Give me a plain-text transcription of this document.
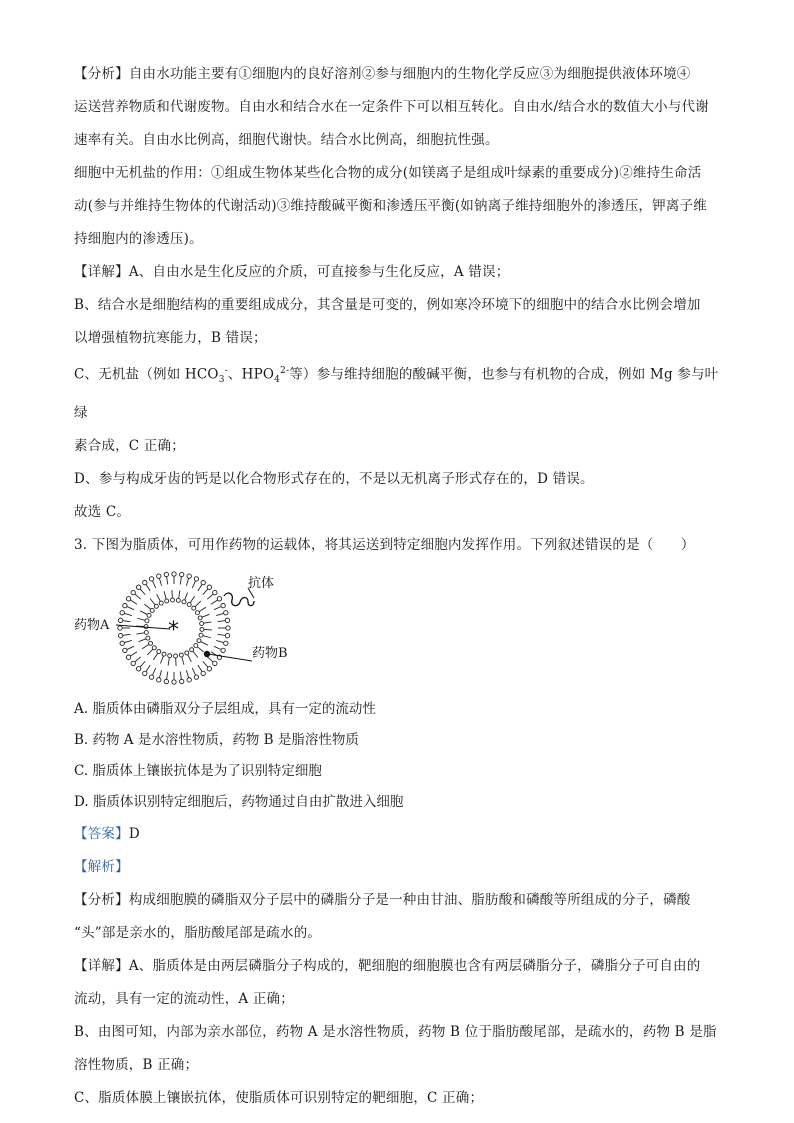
【分析】自由水功能主要有①细胞内的良好溶剂②参与细胞内的生物化学反应③为细胞提供液体环境④

运送营养物质和代谢废物。自由水和结合水在一定条件下可以相互转化。自由水/结合水的数值大小与代谢

速率有关。自由水比例高，细胞代谢快。结合水比例高，细胞抗性强。

细胞中无机盐的作用：①组成生物体某些化合物的成分(如镁离子是组成叶绿素的重要成分)②维持生命活

动(参与并维持生物体的代谢活动)③维持酸碱平衡和渗透压平衡(如钠离子维持细胞外的渗透压，钾离子维

持细胞内的渗透压)。

【详解】A、自由水是生化反应的介质，可直接参与生化反应，A 错误；

B、结合水是细胞结构的重要组成成分，其含量是可变的，例如寒冷环境下的细胞中的结合水比例会增加

以增强植物抗寒能力，B 错误；

C、无机盐（例如 $HCO_3^-$、$HPO_4^{2-}$等）参与维持细胞的酸碱平衡，也参与有机物的合成，例如 Mg 参与叶绿

素合成，C 正确；

D、参与构成牙齿的钙是以化合物形式存在的，不是以无机离子形式存在的，D 错误。

故选 C。

3. 下图为脂质体，可用作药物的运载体，将其运送到特定细胞内发挥作用。下列叙述错误的是（　　）

*
抗体
药物A
药物B

A. 脂质体由磷脂双分子层组成，具有一定的流动性

B. 药物 A 是水溶性物质，药物 B 是脂溶性物质

C. 脂质体上镶嵌抗体是为了识别特定细胞

D. 脂质体识别特定细胞后，药物通过自由扩散进入细胞

【答案】D

【解析】

【分析】构成细胞膜的磷脂双分子层中的磷脂分子是一种由甘油、脂肪酸和磷酸等所组成的分子，磷酸

“头”部是亲水的，脂肪酸尾部是疏水的。

【详解】A、脂质体是由两层磷脂分子构成的，靶细胞的细胞膜也含有两层磷脂分子，磷脂分子可自由的

流动，具有一定的流动性，A 正确；

B、由图可知，内部为亲水部位，药物 A 是水溶性物质，药物 B 位于脂肪酸尾部，是疏水的，药物 B 是脂

溶性物质，B 正确；

C、脂质体膜上镶嵌抗体，使脂质体可识别特定的靶细胞，C 正确；
